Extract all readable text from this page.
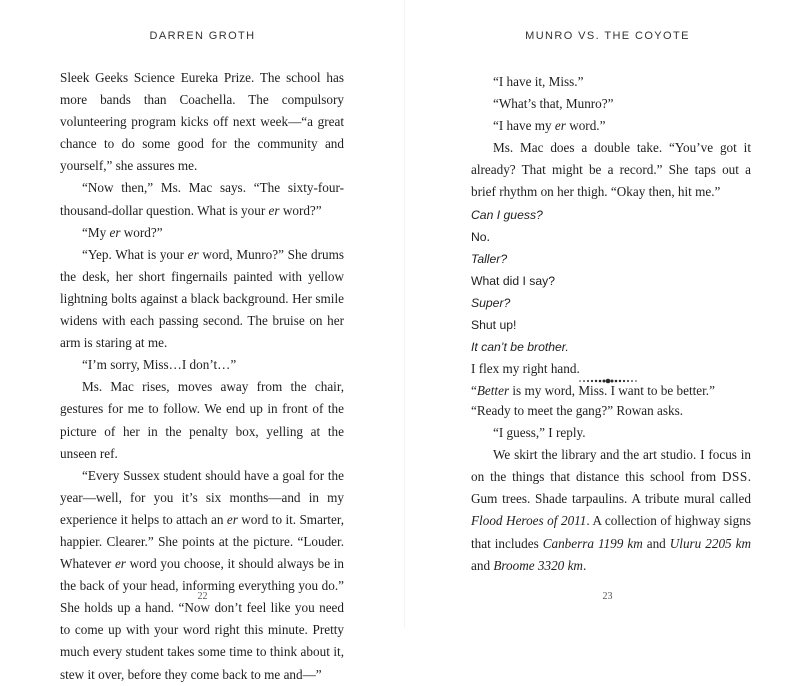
DARREN GROTH

Sleek Geeks Science Eureka Prize. The school has more bands than Coachella. The compulsory volunteering program kicks off next week—“a great chance to do some good for the community and yourself,” she assures me.

“Now then,” Ms. Mac says. “The sixty-four-thousand-dollar question. What is your er word?”

“My er word?”

“Yep. What is your er word, Munro?” She drums the desk, her short fingernails painted with yellow lightning bolts against a black background. Her smile widens with each passing second. The bruise on her arm is staring at me.

“I’m sorry, Miss…I don’t…”

Ms. Mac rises, moves away from the chair, gestures for me to follow. We end up in front of the picture of her in the penalty box, yelling at the unseen ref.

“Every Sussex student should have a goal for the year—well, for you it’s six months—and in my experience it helps to attach an er word to it. Smarter, happier. Clearer.” She points at the picture. “Louder. Whatever er word you choose, it should always be in the back of your head, informing everything you do.” She holds up a hand. “Now don’t feel like you need to come up with your word right this minute. Pretty much every student takes some time to think about it, stew it over, before they come back to me and—”

22
MUNRO VS. THE COYOTE

“I have it, Miss.”

“What’s that, Munro?”

“I have my er word.”

Ms. Mac does a double take. “You’ve got it already? That might be a record.” She taps out a brief rhythm on her thigh. “Okay then, hit me.”

Can I guess?

No.

Taller?

What did I say?

Super?

Shut up!

It can’t be brother.

I flex my right hand.

“Better is my word, Miss. I want to be better.”

“Ready to meet the gang?” Rowan asks.

“I guess,” I reply.

We skirt the library and the art studio. I focus in on the things that distance this school from DSS. Gum trees. Shade tarpaulins. A tribute mural called Flood Heroes of 2011. A collection of highway signs that includes Canberra 1199 km and Uluru 2205 km and Broome 3320 km.

23
